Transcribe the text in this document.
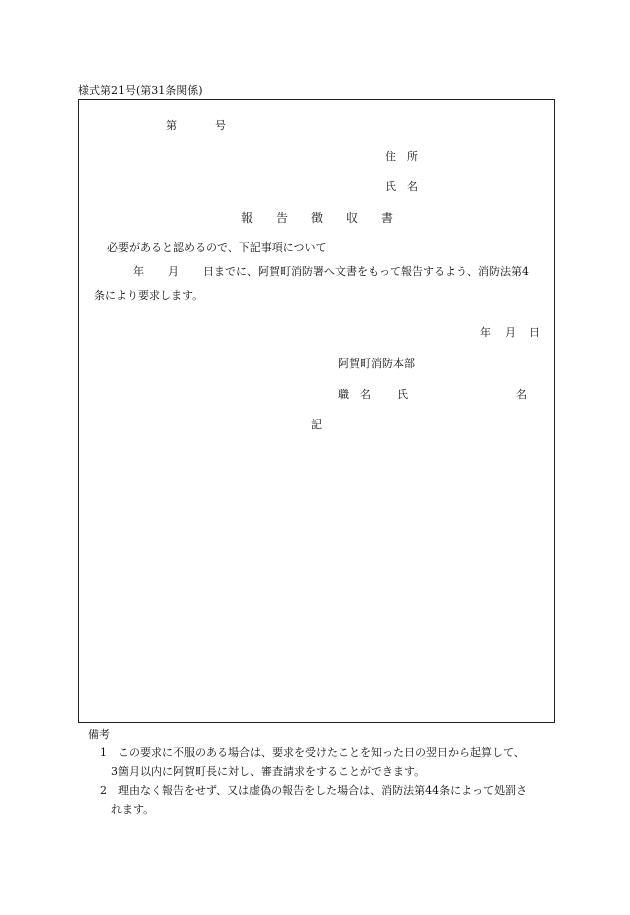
様式第21号(第31条関係)
第	号
住　所
氏　名
報 告 徴 収 書
必要があると認めるので、下記事項について
年 月 日までに、阿賀町消防署へ文書をもって報告するよう、消防法第4
条により要求します。
年 月 日
阿賀町消防本部
職　名 氏	名
記
備考
1 この要求に不服のある場合は、要求を受けたことを知った日の翌日から起算して、
3箇月以内に阿賀町長に対し、審査請求をすることができます。
2 理由なく報告をせず、又は虚偽の報告をした場合は、消防法第44条によって処罰さ
れます。
